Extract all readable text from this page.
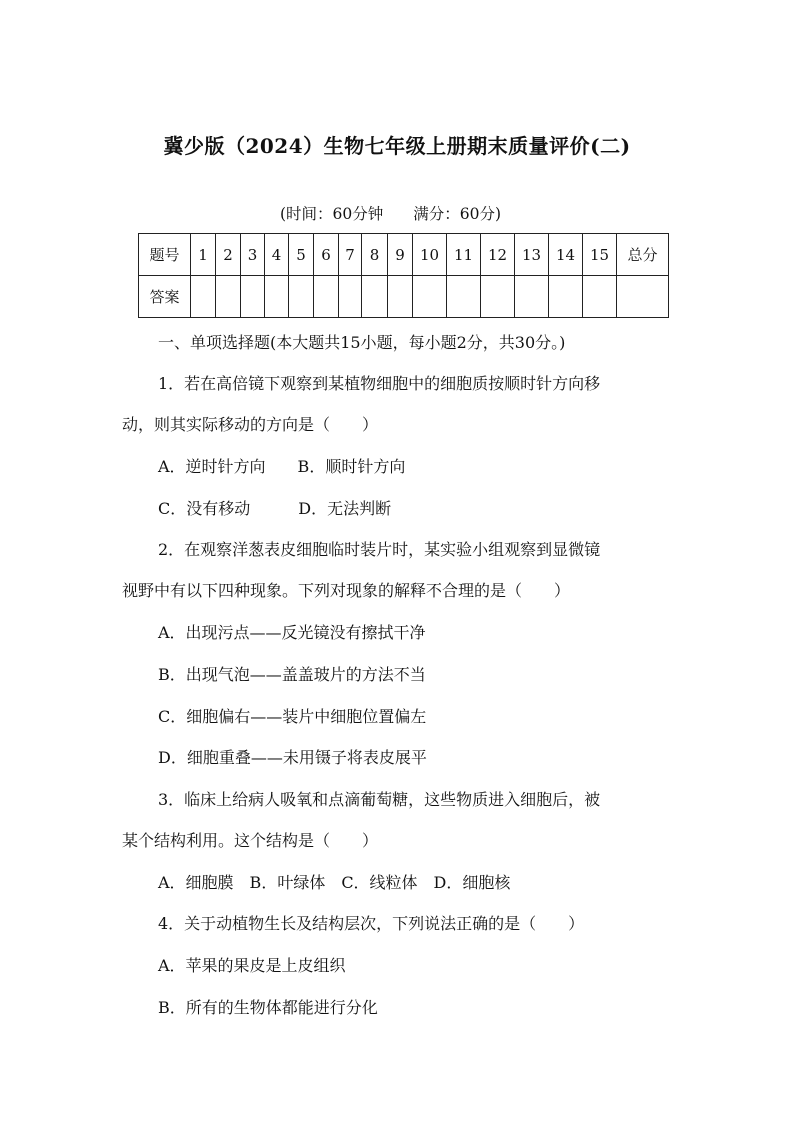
冀少版（2024）生物七年级上册期末质量评价(二)
(时间：60分钟 满分：60分)
题号	1	2	3	4	5	6	7	8	9	10	11	12	13	14	15	总分
答案																
一、单项选择题(本大题共15小题，每小题2分，共30分。)
1．若在高倍镜下观察到某植物细胞中的细胞质按顺时针方向移
动，则其实际移动的方向是（　　）
A．逆时针方向　　B．顺时针方向
C．没有移动　　　D．无法判断
2．在观察洋葱表皮细胞临时装片时，某实验小组观察到显微镜
视野中有以下四种现象。下列对现象的解释不合理的是（　　）
A．出现污点——反光镜没有擦拭干净
B．出现气泡——盖盖玻片的方法不当
C．细胞偏右——装片中细胞位置偏左
D．细胞重叠——未用镊子将表皮展平
3．临床上给病人吸氧和点滴葡萄糖，这些物质进入细胞后，被
某个结构利用。这个结构是（　　）
A．细胞膜　B．叶绿体　C．线粒体　D．细胞核
4．关于动植物生长及结构层次，下列说法正确的是（　　）
A．苹果的果皮是上皮组织
B．所有的生物体都能进行分化
